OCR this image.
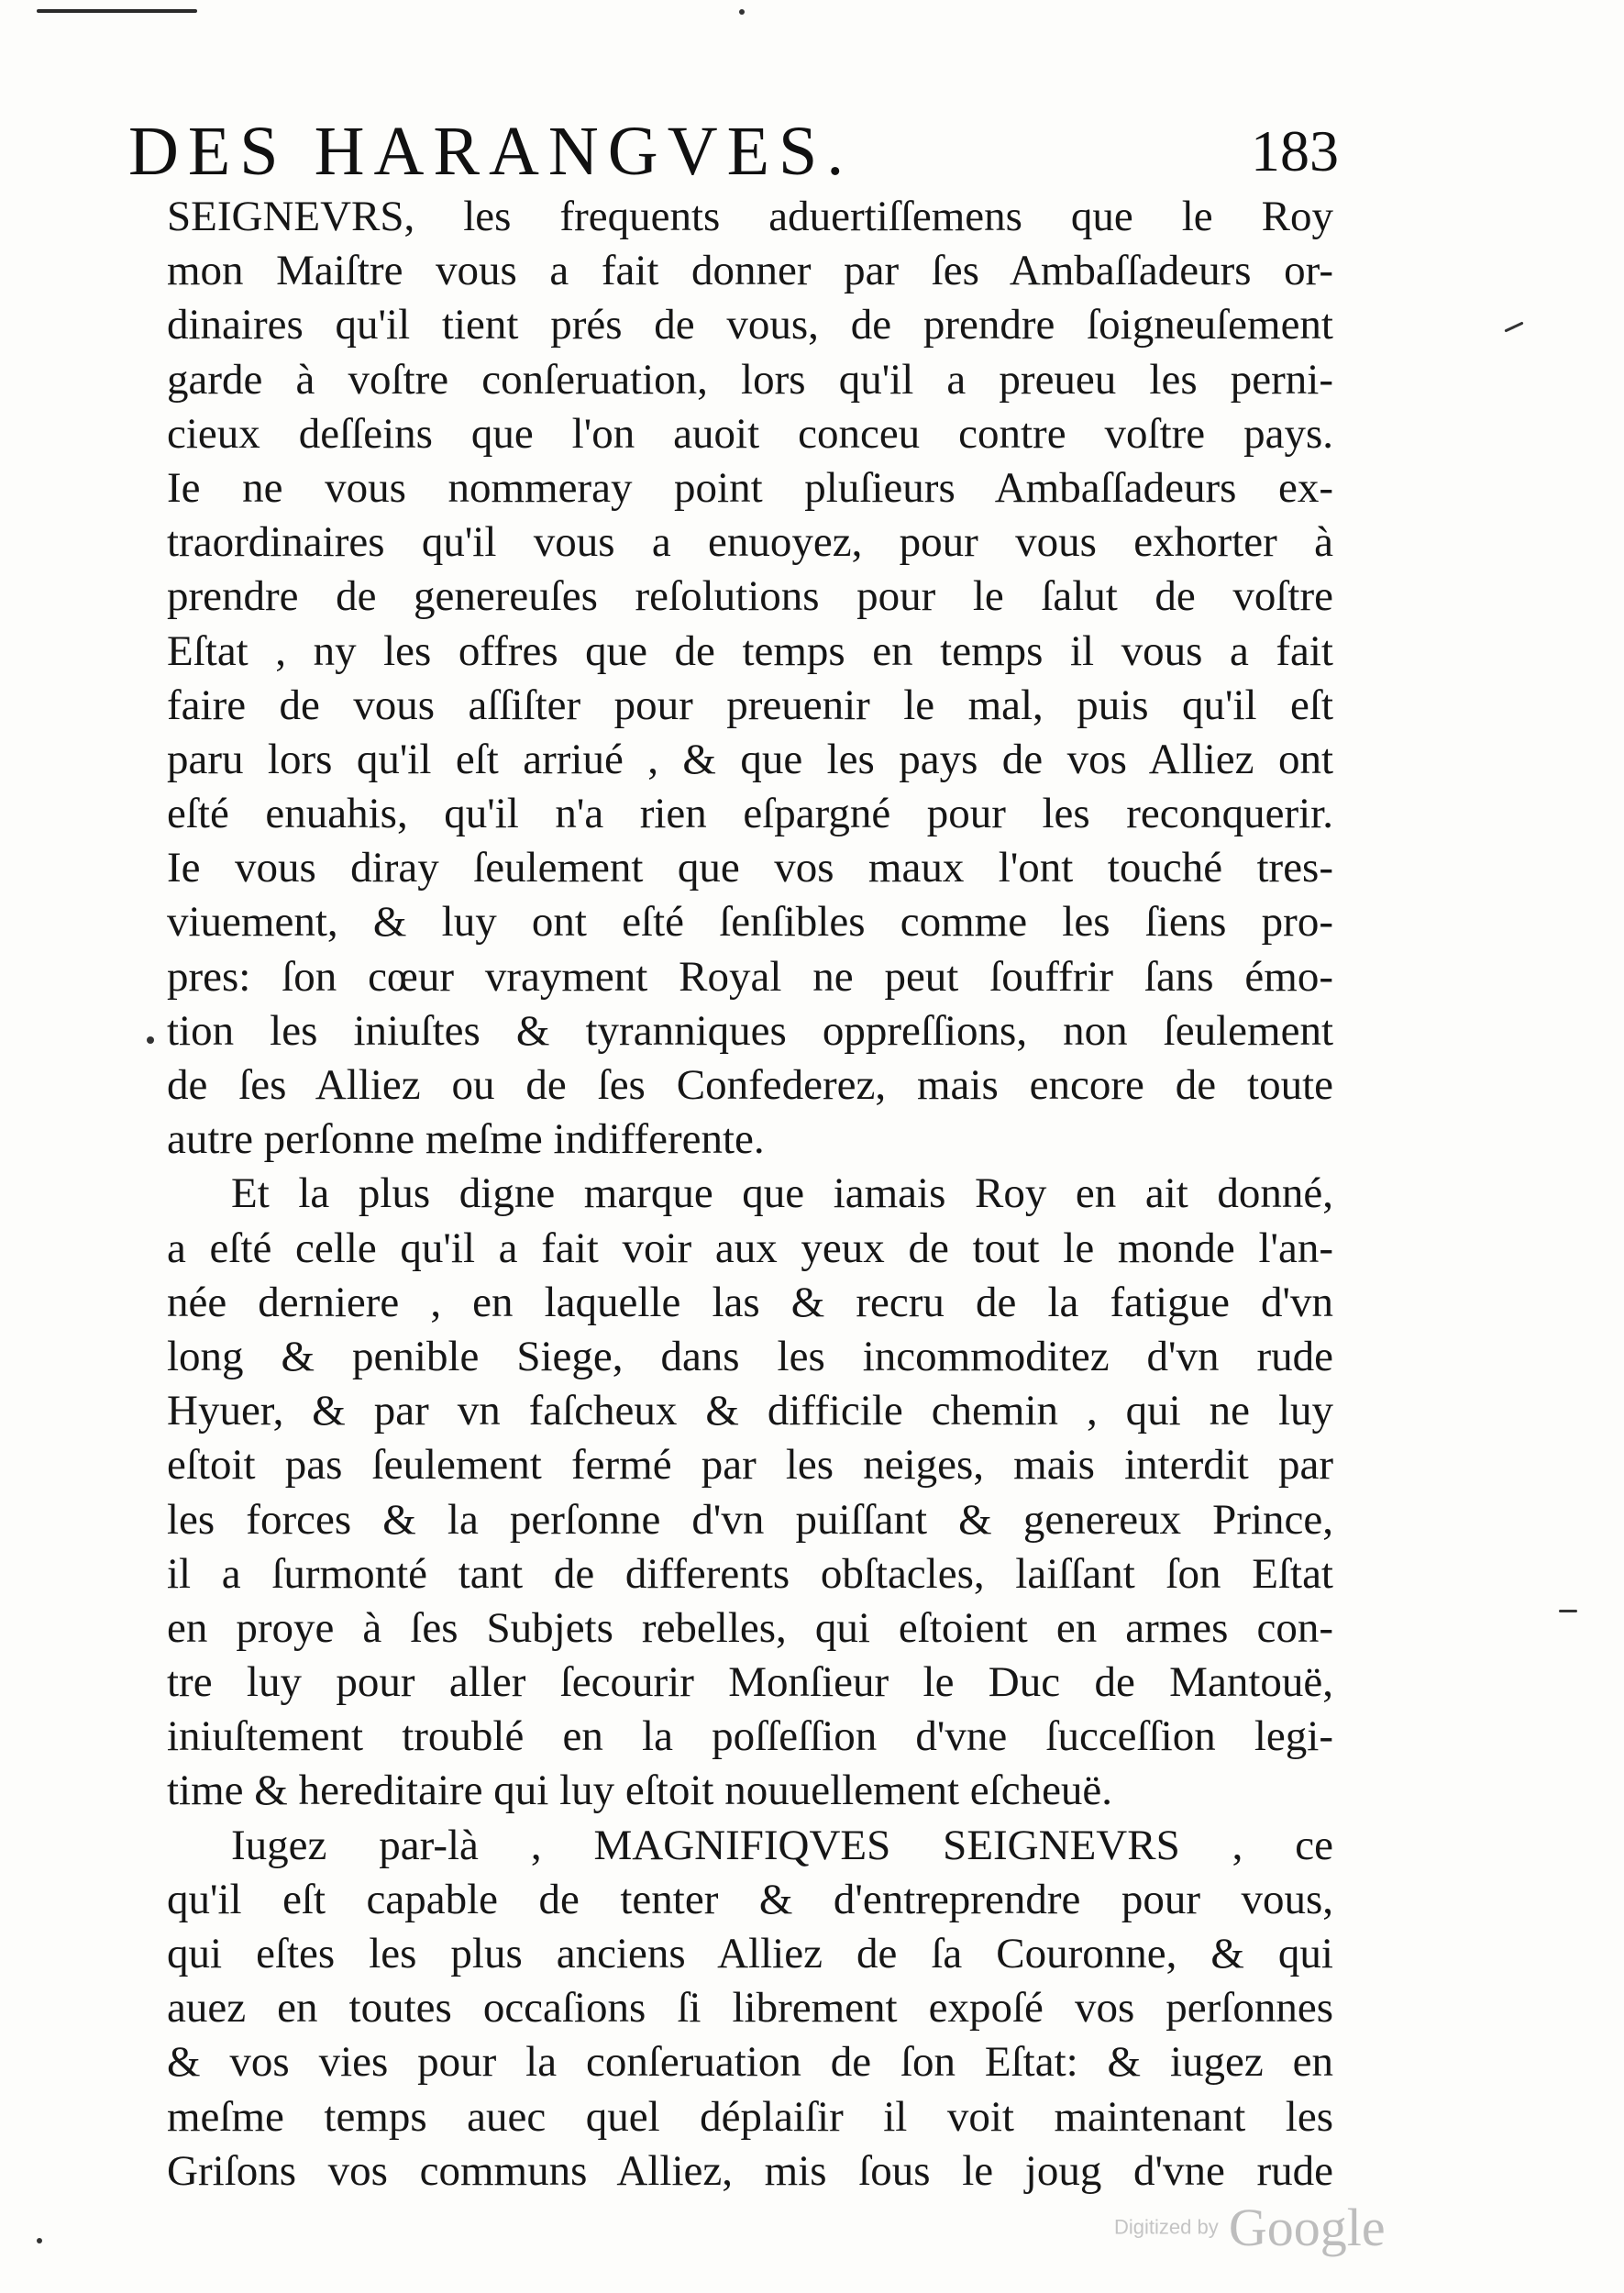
DES HARANGVES.	183
SEIGNEVRS, les frequents aduertiſſemens que le Roy
mon Maiſtre vous a fait donner par ſes Ambaſſadeurs or-
dinaires qu'il tient prés de vous, de prendre ſoigneuſement
garde à voſtre conſeruation, lors qu'il a preueu les perni-
cieux deſſeins que l'on auoit conceu contre voſtre pays.
Ie ne vous nommeray point pluſieurs Ambaſſadeurs ex-
traordinaires qu'il vous a enuoyez, pour vous exhorter à
prendre de genereuſes reſolutions pour le ſalut de voſtre
Eſtat , ny les offres que de temps en temps il vous a fait
faire de vous aſſiſter pour preuenir le mal, puis qu'il eſt
paru lors qu'il eſt arriué , & que les pays de vos Alliez ont
eſté enuahis, qu'il n'a rien eſpargné pour les reconquerir.
Ie vous diray ſeulement que vos maux l'ont touché tres-
viuement, & luy ont eſté ſenſibles comme les ſiens pro-
pres: ſon cœur vrayment Royal ne peut ſouffrir ſans émo-
tion les iniuſtes & tyranniques oppreſſions, non ſeulement
de ſes Alliez ou de ſes Confederez, mais encore de toute
autre perſonne meſme indifferente.
Et la plus digne marque que iamais Roy en ait donné,
a eſté celle qu'il a fait voir aux yeux de tout le monde l'an-
née derniere , en laquelle las & recru de la fatigue d'vn
long & penible Siege, dans les incommoditez d'vn rude
Hyuer, & par vn faſcheux & difficile chemin , qui ne luy
eſtoit pas ſeulement fermé par les neiges, mais interdit par
les forces & la perſonne d'vn puiſſant & genereux Prince,
il a ſurmonté tant de differents obſtacles, laiſſant ſon Eſtat
en proye à ſes Subjets rebelles, qui eſtoient en armes con-
tre luy pour aller ſecourir Monſieur le Duc de Mantouë,
iniuſtement troublé en la poſſeſſion d'vne ſucceſſion legi-
time & hereditaire qui luy eſtoit nouuellement eſcheuë.
Iugez par-là , MAGNIFIQVES SEIGNEVRS , ce
qu'il eſt capable de tenter & d'entreprendre pour vous,
qui eſtes les plus anciens Alliez de ſa Couronne, & qui
auez en toutes occaſions ſi librement expoſé vos perſonnes
& vos vies pour la conſeruation de ſon Eſtat: & iugez en
meſme temps auec quel déplaiſir il voit maintenant les
Griſons vos communs Alliez, mis ſous le joug d'vne rude
Digitized by Google
